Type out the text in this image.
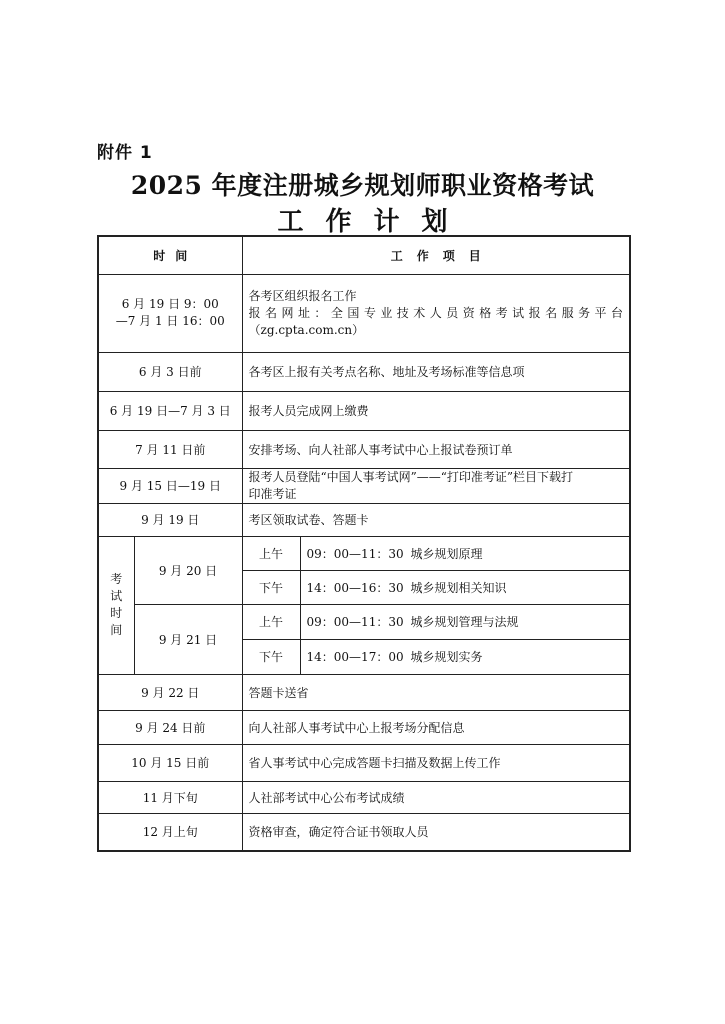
附件 1
2025 年度注册城乡规划师职业资格考试
工作计划
时间		工作项目	

6 月 19 日 9：00
—7 月 1 日 16：00		各考区组织报名工作
报名网址：全国专业技术人员资格考试报名服务平台
（zg.cpta.com.cn）	

6 月 3 日前		各考区上报有关考点名称、地址及考场标准等信息项	
6 月 19 日—7 月 3 日		报考人员完成网上缴费	
7 月 11 日前		安排考场、向人社部人事考试中心上报试卷预订单	
9 月 15 日—19 日		报考人员登陆“中国人事考试网”——“打印准考证”栏目下载打
印准考证	

9 月 19 日		考区领取试卷、答题卡	

考
试
时
间	9 月 20 日	上午	09：00—11：30 城乡规划原理
		下午	14：00—16：30 城乡规划相关知识
	9 月 21 日	上午	09：00—11：30 城乡规划管理与法规
		下午	14：00—17：00 城乡规划实务
9 月 22 日		答题卡送省	
9 月 24 日前		向人社部人事考试中心上报考场分配信息	
10 月 15 日前		省人事考试中心完成答题卡扫描及数据上传工作	
11 月下旬		人社部考试中心公布考试成绩	
12 月上旬		资格审查，确定符合证书领取人员	
